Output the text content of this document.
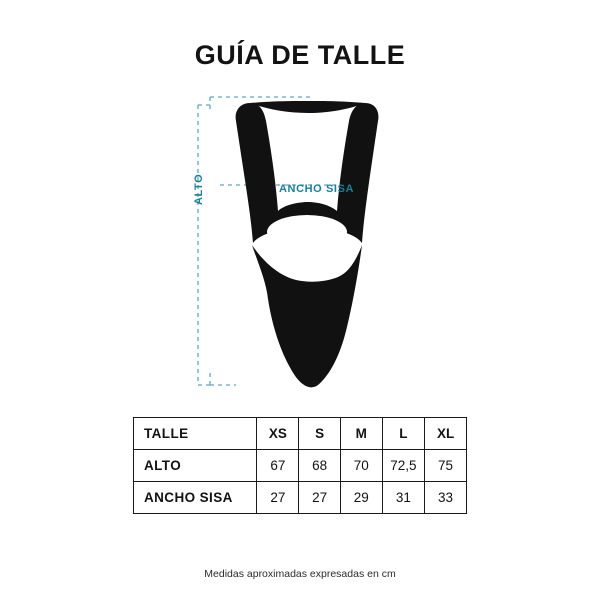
GUÍA DE TALLE
ANCHO SISA
ALTO
TALLE	XS	S	M	L	XL
ALTO	67	68	70	72,5	75
ANCHO SISA	27	27	29	31	33
Medidas aproximadas expresadas en cm
